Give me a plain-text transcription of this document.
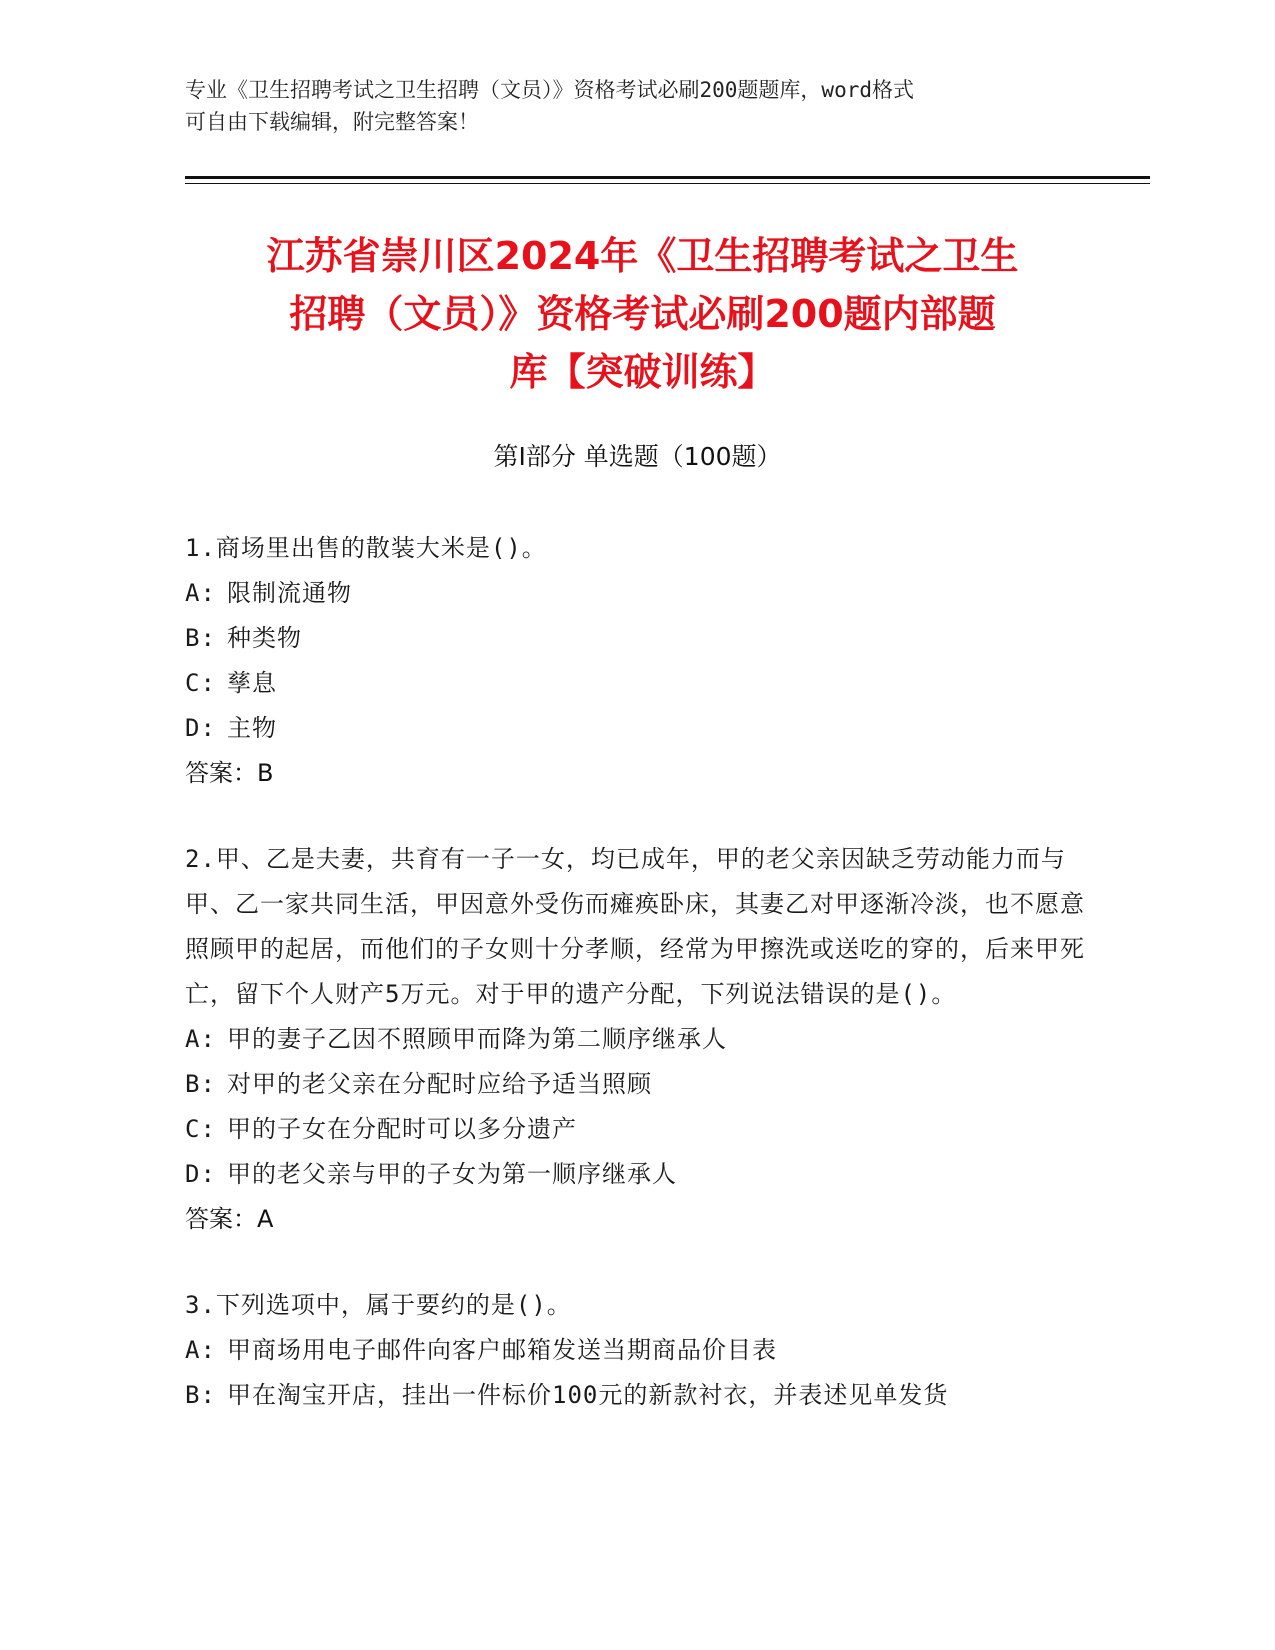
专业《卫生招聘考试之卫生招聘（文员）》资格考试必刷200题题库，word格式
可自由下载编辑，附完整答案！
江苏省崇川区2024年《卫生招聘考试之卫生
招聘（文员）》资格考试必刷200题内部题
库【突破训练】
第Ⅰ部分 单选题（100题）
1.商场里出售的散装大米是()。
A: 限制流通物
B: 种类物
C: 孳息
D: 主物
答案：B
2.甲、乙是夫妻，共育有一子一女，均已成年，甲的老父亲因缺乏劳动能力而与甲、乙一家共同生活，甲因意外受伤而瘫痪卧床，其妻乙对甲逐渐冷淡，也不愿意照顾甲的起居，而他们的子女则十分孝顺，经常为甲擦洗或送吃的穿的，后来甲死亡，留下个人财产5万元。对于甲的遗产分配，下列说法错误的是()。
A: 甲的妻子乙因不照顾甲而降为第二顺序继承人
B: 对甲的老父亲在分配时应给予适当照顾
C: 甲的子女在分配时可以多分遗产
D: 甲的老父亲与甲的子女为第一顺序继承人
答案：A
3.下列选项中，属于要约的是()。
A: 甲商场用电子邮件向客户邮箱发送当期商品价目表
B: 甲在淘宝开店，挂出一件标价100元的新款衬衣，并表述见单发货
